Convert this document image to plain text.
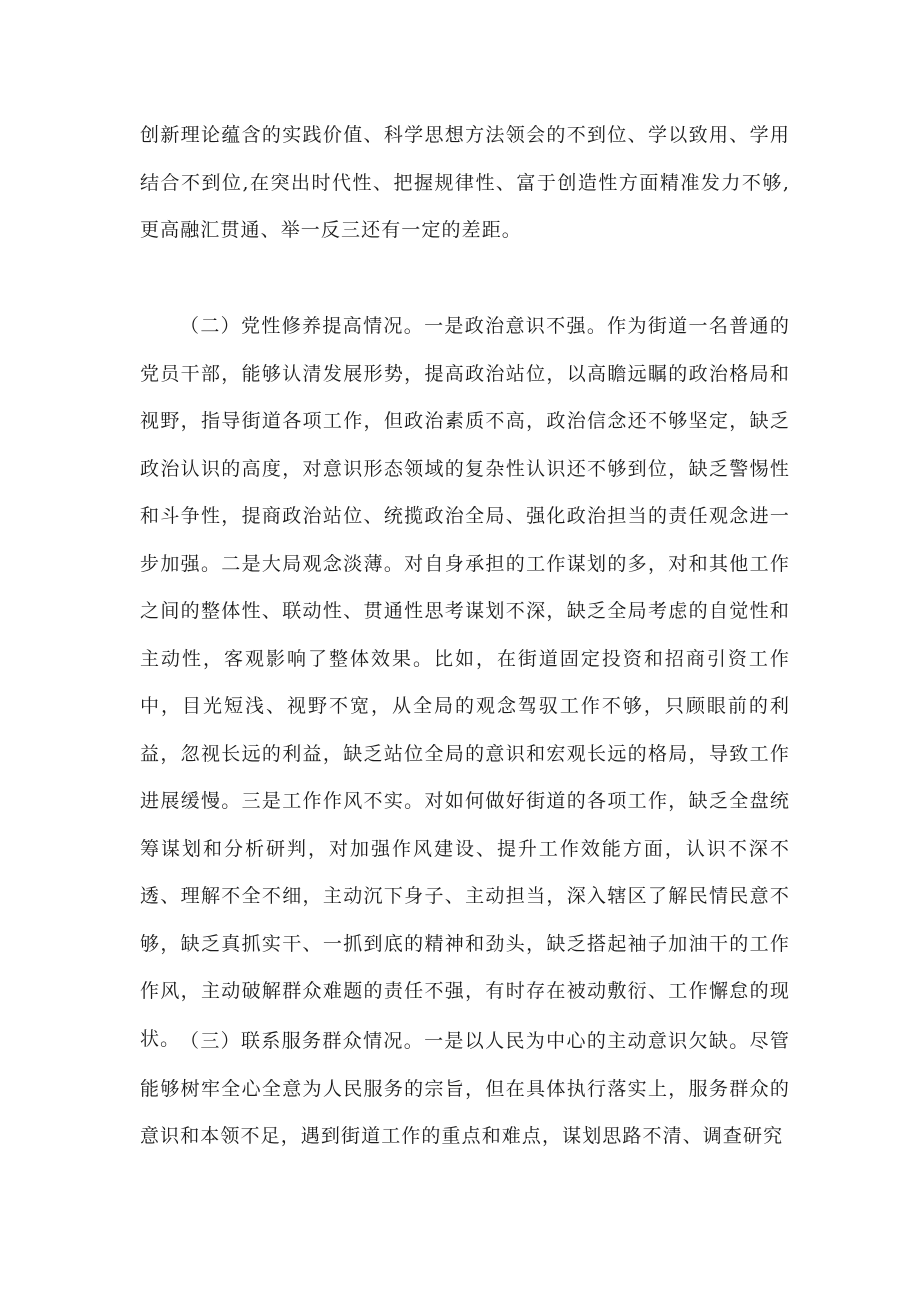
创新理论蕴含的实践价值、科学思想方法领会的不到位、学以致用、学用结合不到位,在突出时代性、把握规律性、富于创造性方面精准发力不够,更高融汇贯通、举一反三还有一定的差距。

（二）党性修养提高情况。一是政治意识不强。作为街道一名普通的党员干部，能够认清发展形势，提高政治站位，以高瞻远瞩的政治格局和视野，指导街道各项工作，但政治素质不高，政治信念还不够坚定，缺乏政治认识的高度，对意识形态领域的复杂性认识还不够到位，缺乏警惕性和斗争性，提商政治站位、统揽政治全局、强化政治担当的责任观念进一步加强。二是大局观念淡薄。对自身承担的工作谋划的多，对和其他工作之间的整体性、联动性、贯通性思考谋划不深，缺乏全局考虑的自觉性和主动性，客观影响了整体效果。比如，在街道固定投资和招商引资工作中，目光短浅、视野不宽，从全局的观念驾驭工作不够，只顾眼前的利益，忽视长远的利益，缺乏站位全局的意识和宏观长远的格局，导致工作进展缓慢。三是工作作风不实。对如何做好街道的各项工作，缺乏全盘统筹谋划和分析研判，对加强作风建设、提升工作效能方面，认识不深不透、理解不全不细，主动沉下身子、主动担当，深入辖区了解民情民意不够，缺乏真抓实干、一抓到底的精神和劲头，缺乏搭起袖子加油干的工作作风，主动破解群众难题的责任不强，有时存在被动敷衍、工作懈怠的现状。 （三）联系服务群众情况。一是以人民为中心的主动意识欠缺。尽管能够树牢全心全意为人民服务的宗旨，但在具体执行落实上，服务群众的意识和本领不足，遇到街道工作的重点和难点，谋划思路不清、调查研究
